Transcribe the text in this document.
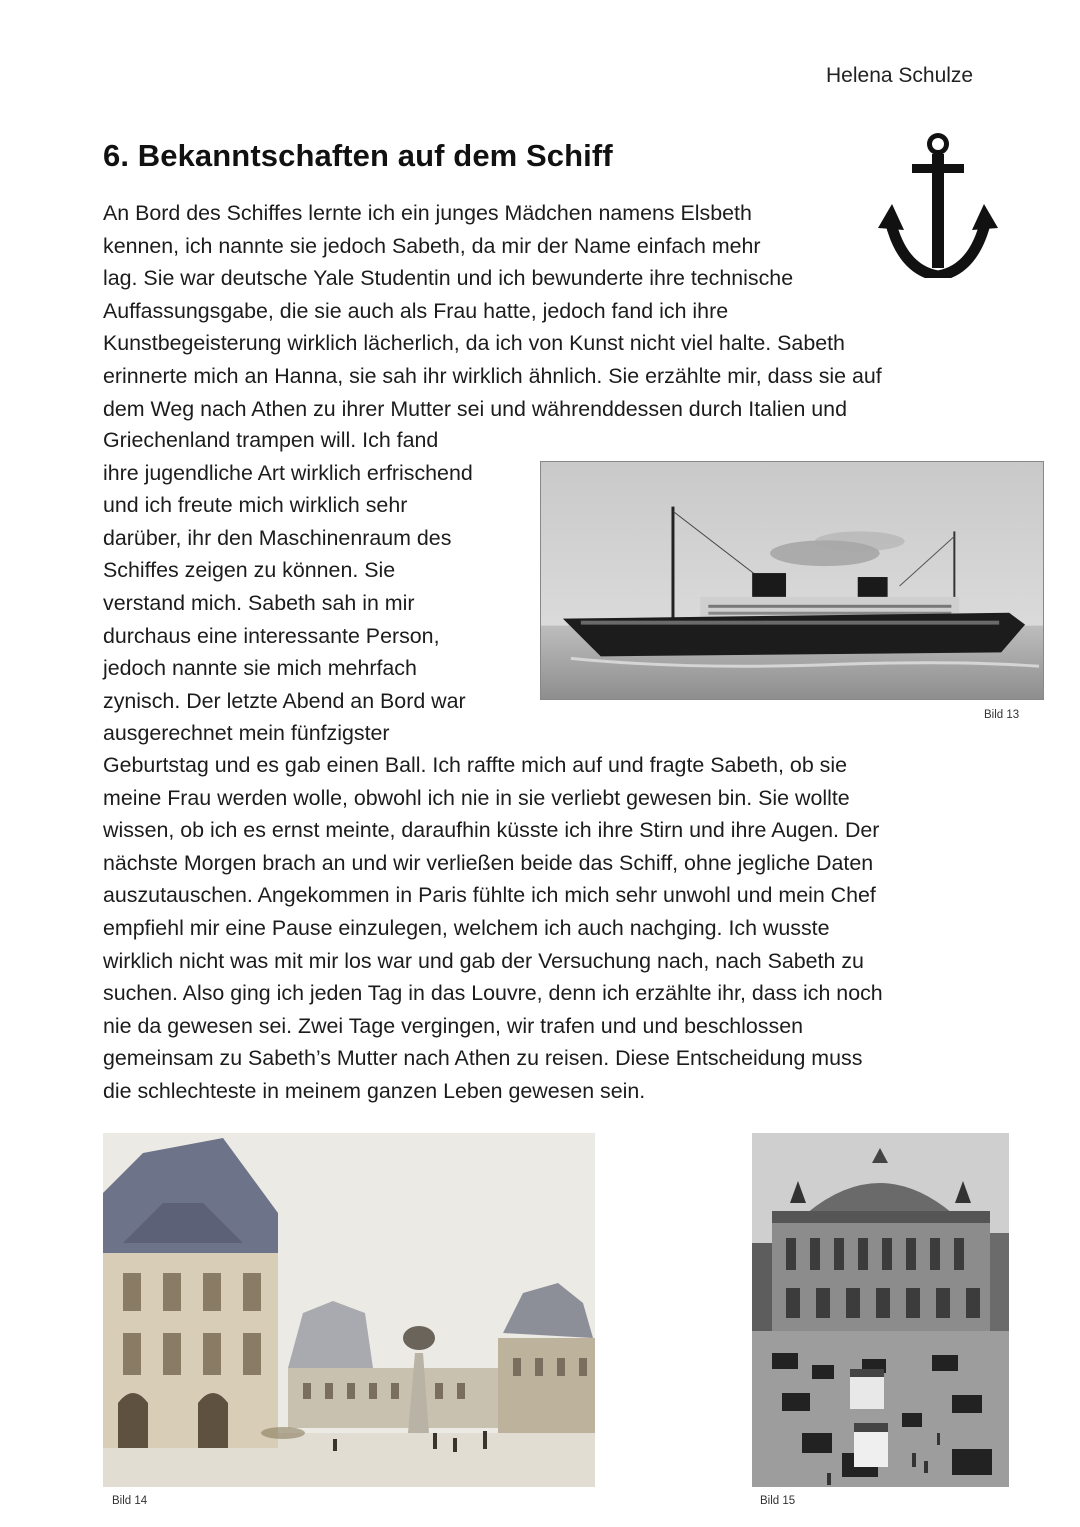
Helena Schulze
6. Bekanntschaften auf dem Schiff
An Bord des Schiffes lernte ich ein junges Mädchen namens Elsbeth
kennen, ich nannte sie jedoch Sabeth, da mir der Name einfach mehr
lag. Sie war deutsche Yale Studentin und ich bewunderte ihre technische
Auffassungsgabe, die sie auch als Frau hatte, jedoch fand ich ihre
Kunstbegeisterung wirklich lächerlich, da ich von Kunst nicht viel halte. Sabeth
erinnerte mich an Hanna, sie sah ihr wirklich ähnlich. Sie erzählte mir, dass sie auf
dem Weg nach Athen zu ihrer Mutter sei und währenddessen durch Italien und
Griechenland trampen will. Ich fand
ihre jugendliche Art wirklich erfrischend
und ich freute mich wirklich sehr
darüber, ihr den Maschinenraum des
Schiffes zeigen zu können. Sie
verstand mich. Sabeth sah in mir
durchaus eine interessante Person,
jedoch nannte sie mich mehrfach
zynisch. Der letzte Abend an Bord war
ausgerechnet mein fünfzigster
Geburtstag und es gab einen Ball. Ich raffte mich auf und fragte Sabeth, ob sie
meine Frau werden wolle, obwohl ich nie in sie verliebt gewesen bin. Sie wollte
wissen, ob ich es ernst meinte, daraufhin küsste ich ihre Stirn und ihre Augen. Der
nächste Morgen brach an und wir verließen beide das Schiff, ohne jegliche Daten
auszutauschen. Angekommen in Paris fühlte ich mich sehr unwohl und mein Chef
empfiehl mir eine Pause einzulegen, welchem ich auch nachging. Ich wusste
wirklich nicht was mit mir los war und gab der Versuchung nach, nach Sabeth zu
suchen. Also ging ich jeden Tag in das Louvre, denn ich erzählte ihr, dass ich noch
nie da gewesen sei. Zwei Tage vergingen, wir trafen und und beschlossen
gemeinsam zu Sabeth’s Mutter nach Athen zu reisen. Diese Entscheidung muss
die schlechteste in meinem ganzen Leben gewesen sein.
Bild 13
Bild 14	Bild 15
